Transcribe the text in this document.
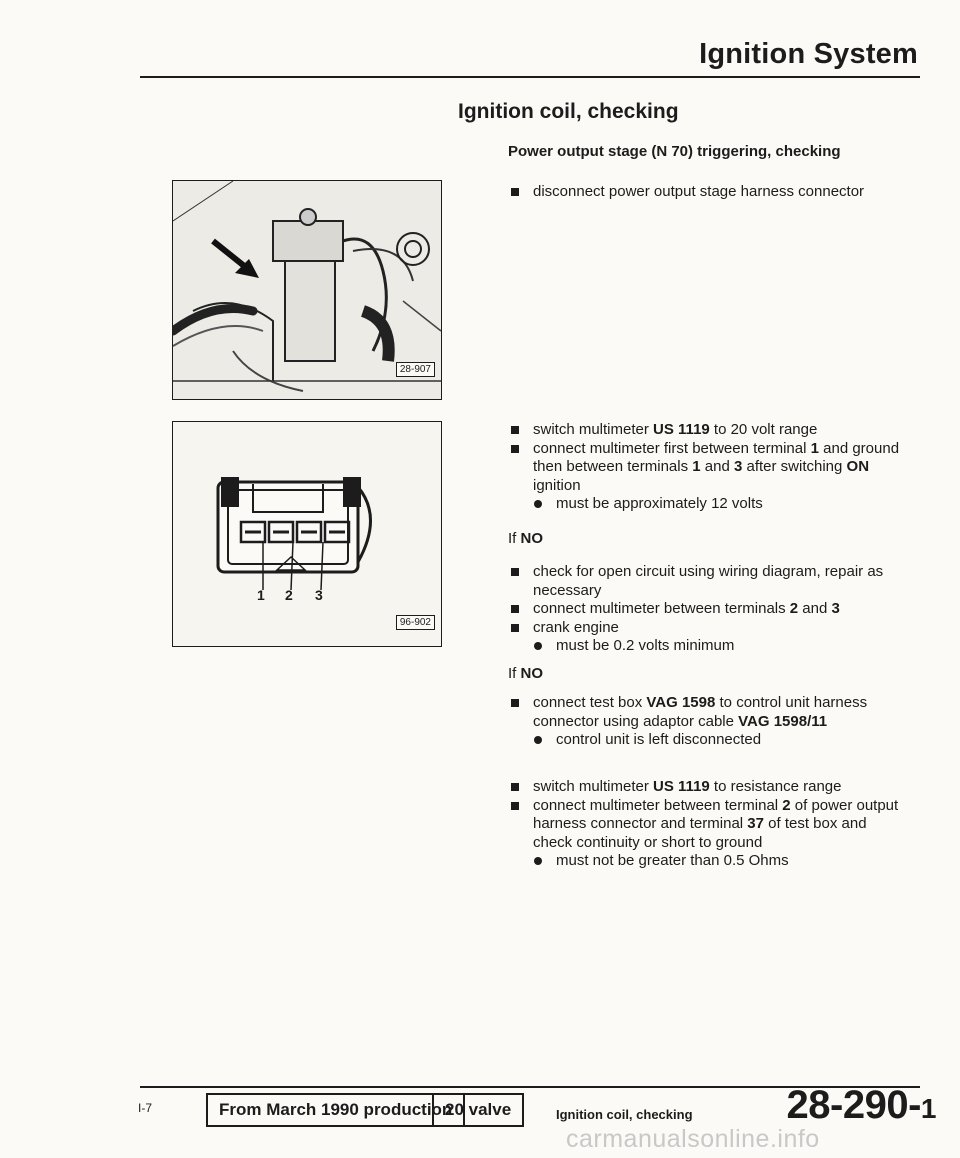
Ignition System
Ignition coil, checking
Power output stage (N 70) triggering, checking
28-907
1 2 3
96-902
disconnect power output stage harness connector
switch multimeter US 1119 to 20 volt range
connect multimeter first between terminal 1 and ground then between terminals 1 and 3 after switching ON ignition
must be approximately 12 volts
If NO
check for open circuit using wiring diagram, repair as necessary
connect multimeter between terminals 2 and 3
crank engine
must be 0.2 volts minimum
If NO
connect test box VAG 1598 to control unit harness connector using adaptor cable VAG 1598/11
control unit is left disconnected
switch multimeter US 1119 to resistance range
connect multimeter between terminal 2 of power output harness connector and terminal 37 of test box and check continuity or short to ground
must not be greater than 0.5 Ohms
I-7	From March 1990 production
20 valve	Ignition coil, checking 28-290-1
carmanualsonline.info
